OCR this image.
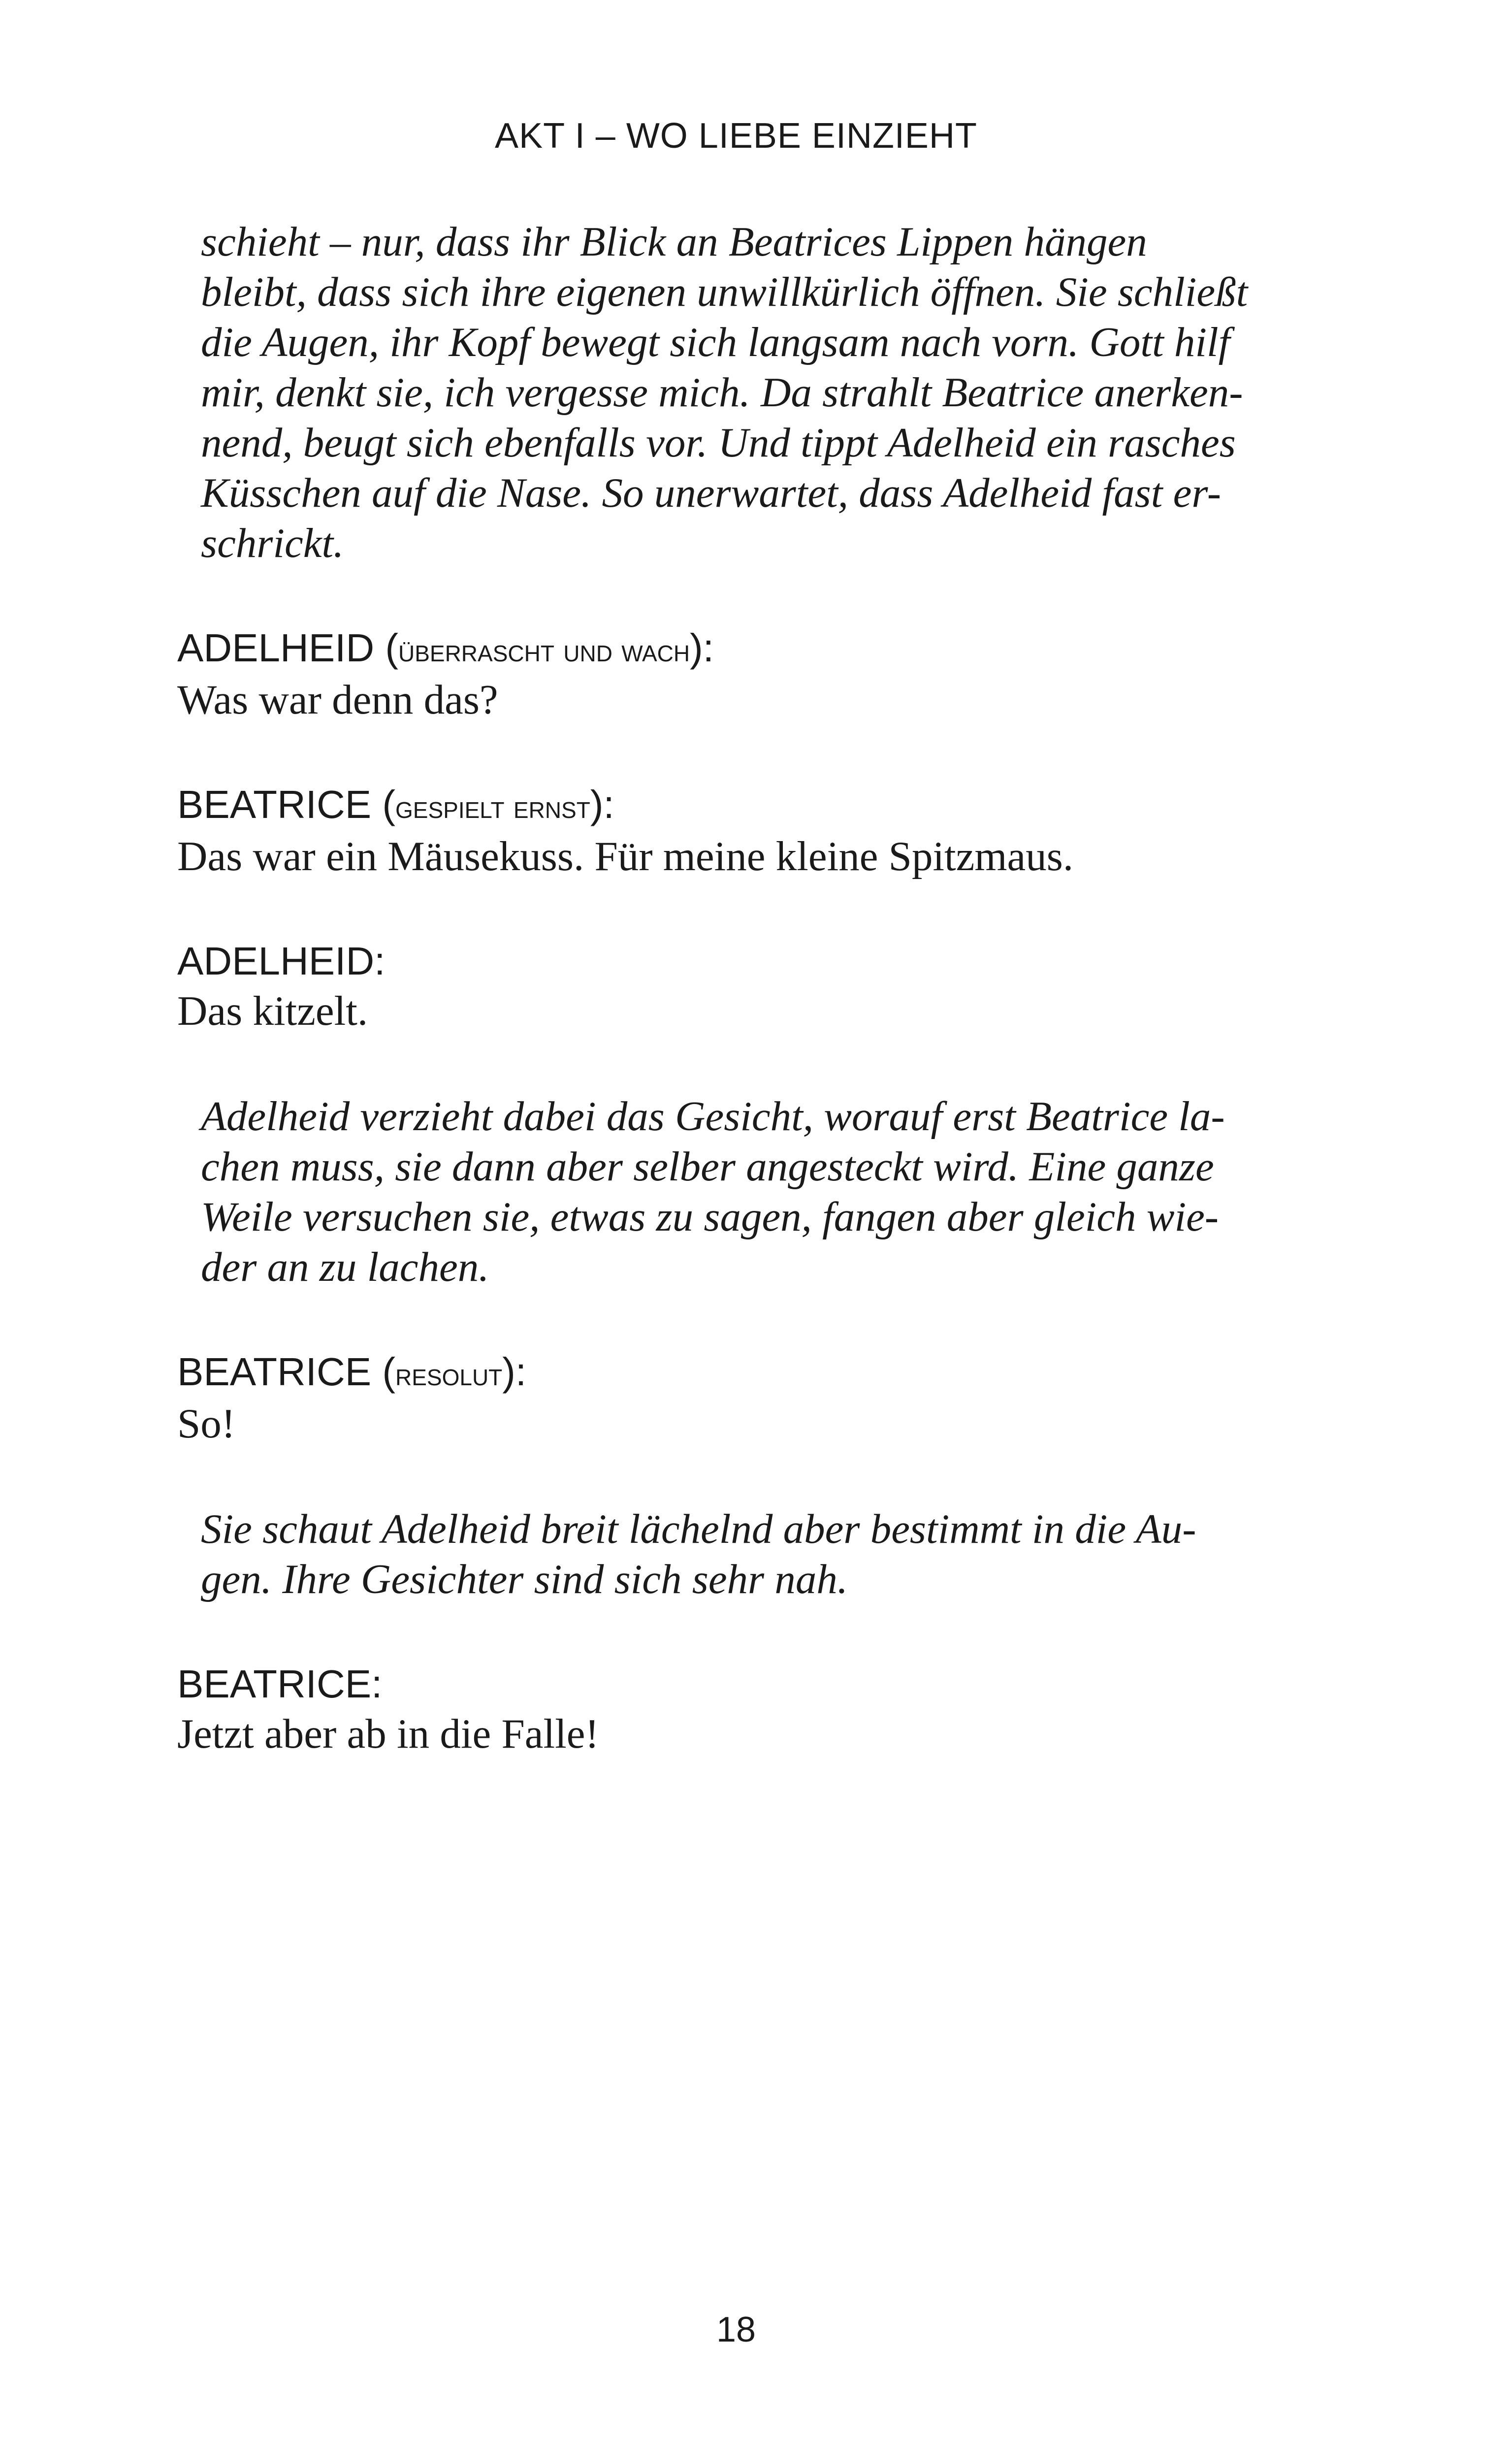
AKT I – WO LIEBE EINZIEHT
schieht – nur, dass ihr Blick an Beatrices Lippen hängen
bleibt, dass sich ihre eigenen unwillkürlich öffnen. Sie schließt
die Augen, ihr Kopf bewegt sich langsam nach vorn. Gott hilf
mir, denkt sie, ich vergesse mich. Da strahlt Beatrice anerken-
nend, beugt sich ebenfalls vor. Und tippt Adelheid ein rasches
Küsschen auf die Nase. So unerwartet, dass Adelheid fast er-
schrickt.
ADELHEID (überrascht und wach):
Was war denn das?
BEATRICE (gespielt ernst):
Das war ein Mäusekuss. Für meine kleine Spitzmaus.
ADELHEID:
Das kitzelt.
Adelheid verzieht dabei das Gesicht, worauf erst Beatrice la-
chen muss, sie dann aber selber angesteckt wird. Eine ganze
Weile versuchen sie, etwas zu sagen, fangen aber gleich wie-
der an zu lachen.
BEATRICE (resolut):
So!
Sie schaut Adelheid breit lächelnd aber bestimmt in die Au-
gen. Ihre Gesichter sind sich sehr nah.
BEATRICE:
Jetzt aber ab in die Falle!
18
